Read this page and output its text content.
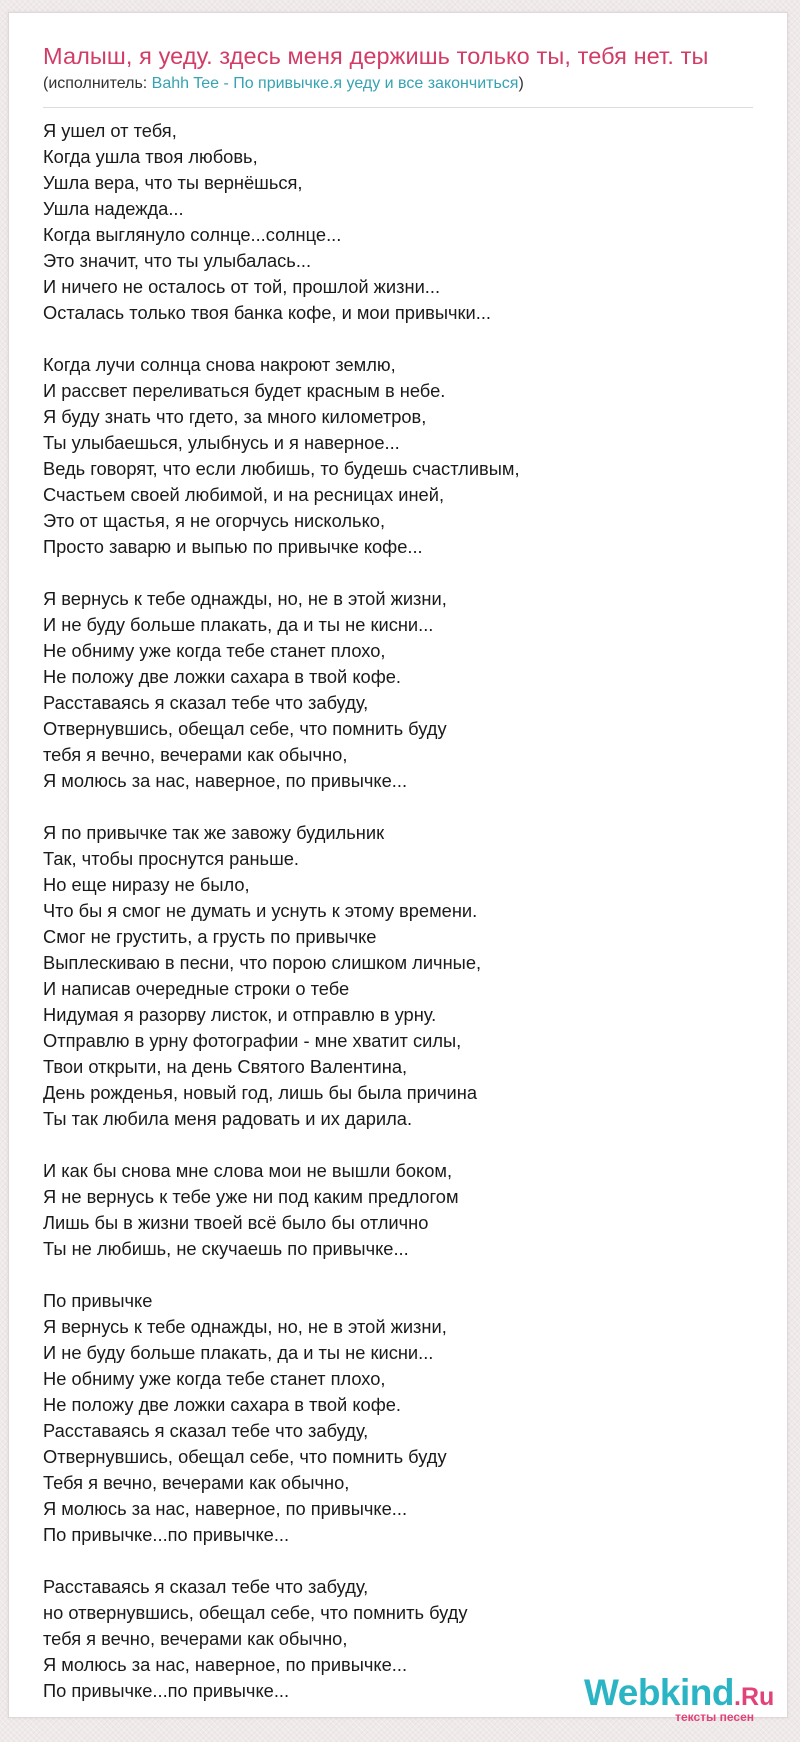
Малыш, я уеду. здесь меня держишь только ты, тебя нет. ты
(исполнитель: Bahh Tee - По привычке.я уеду и все закончиться)
Я ушел от тебя,
Когда ушла твоя любовь,
Ушла вера, что ты вернёшься,
Ушла надежда...
Когда выглянуло солнце...солнце...
Это значит, что ты улыбалась...
И ничего не осталось от той, прошлой жизни...
Осталась только твоя банка кофе, и мои привычки...
Когда лучи солнца снова накроют землю,
И рассвет переливаться будет красным в небе.
Я буду знать что гдето, за много километров,
Ты улыбаешься, улыбнусь и я наверное...
Ведь говорят, что если любишь, то будешь счастливым,
Счастьем своей любимой, и на ресницах иней,
Это от щастья, я не огорчусь нисколько,
Просто заварю и выпью по привычке кофе...
Я вернусь к тебе однажды, но, не в этой жизни,
И не буду больше плакать, да и ты не кисни...
Не обниму уже когда тебе станет плохо,
Не положу две ложки сахара в твой кофе.
Расставаясь я сказал тебе что забуду,
Отвернувшись, обещал себе, что помнить буду
тебя я вечно, вечерами как обычно,
Я молюсь за нас, наверное, по привычке...
Я по привычке так же завожу будильник
Так, чтобы проснутся раньше.
Но еще ниразу не было,
Что бы я смог не думать и уснуть к этому времени.
Смог не грустить, а грусть по привычке
Выплескиваю в песни, что порою слишком личные,
И написав очередные строки о тебе
Нидумая я разорву листок, и отправлю в урну.
Отправлю в урну фотографии - мне хватит силы,
Твои открыти, на день Святого Валентина,
День рожденья, новый год, лишь бы была причина
Ты так любила меня радовать и их дарила.
И как бы снова мне слова мои не вышли боком,
Я не вернусь к тебе уже ни под каким предлогом
Лишь бы в жизни твоей всё было бы отлично
Ты не любишь, не скучаешь по привычке...
По привычке
Я вернусь к тебе однажды, но, не в этой жизни,
И не буду больше плакать, да и ты не кисни...
Не обниму уже когда тебе станет плохо,
Не положу две ложки сахара в твой кофе.
Расставаясь я сказал тебе что забуду,
Отвернувшись, обещал себе, что помнить буду
Тебя я вечно, вечерами как обычно,
Я молюсь за нас, наверное, по привычке...
По привычке...по привычке...
Расставаясь я сказал тебе что забуду,
но отвернувшись, обещал себе, что помнить буду
тебя я вечно, вечерами как обычно,
Я молюсь за нас, наверное, по привычке...
По привычке...по привычке...	Webkind.Ru
тексты песен
